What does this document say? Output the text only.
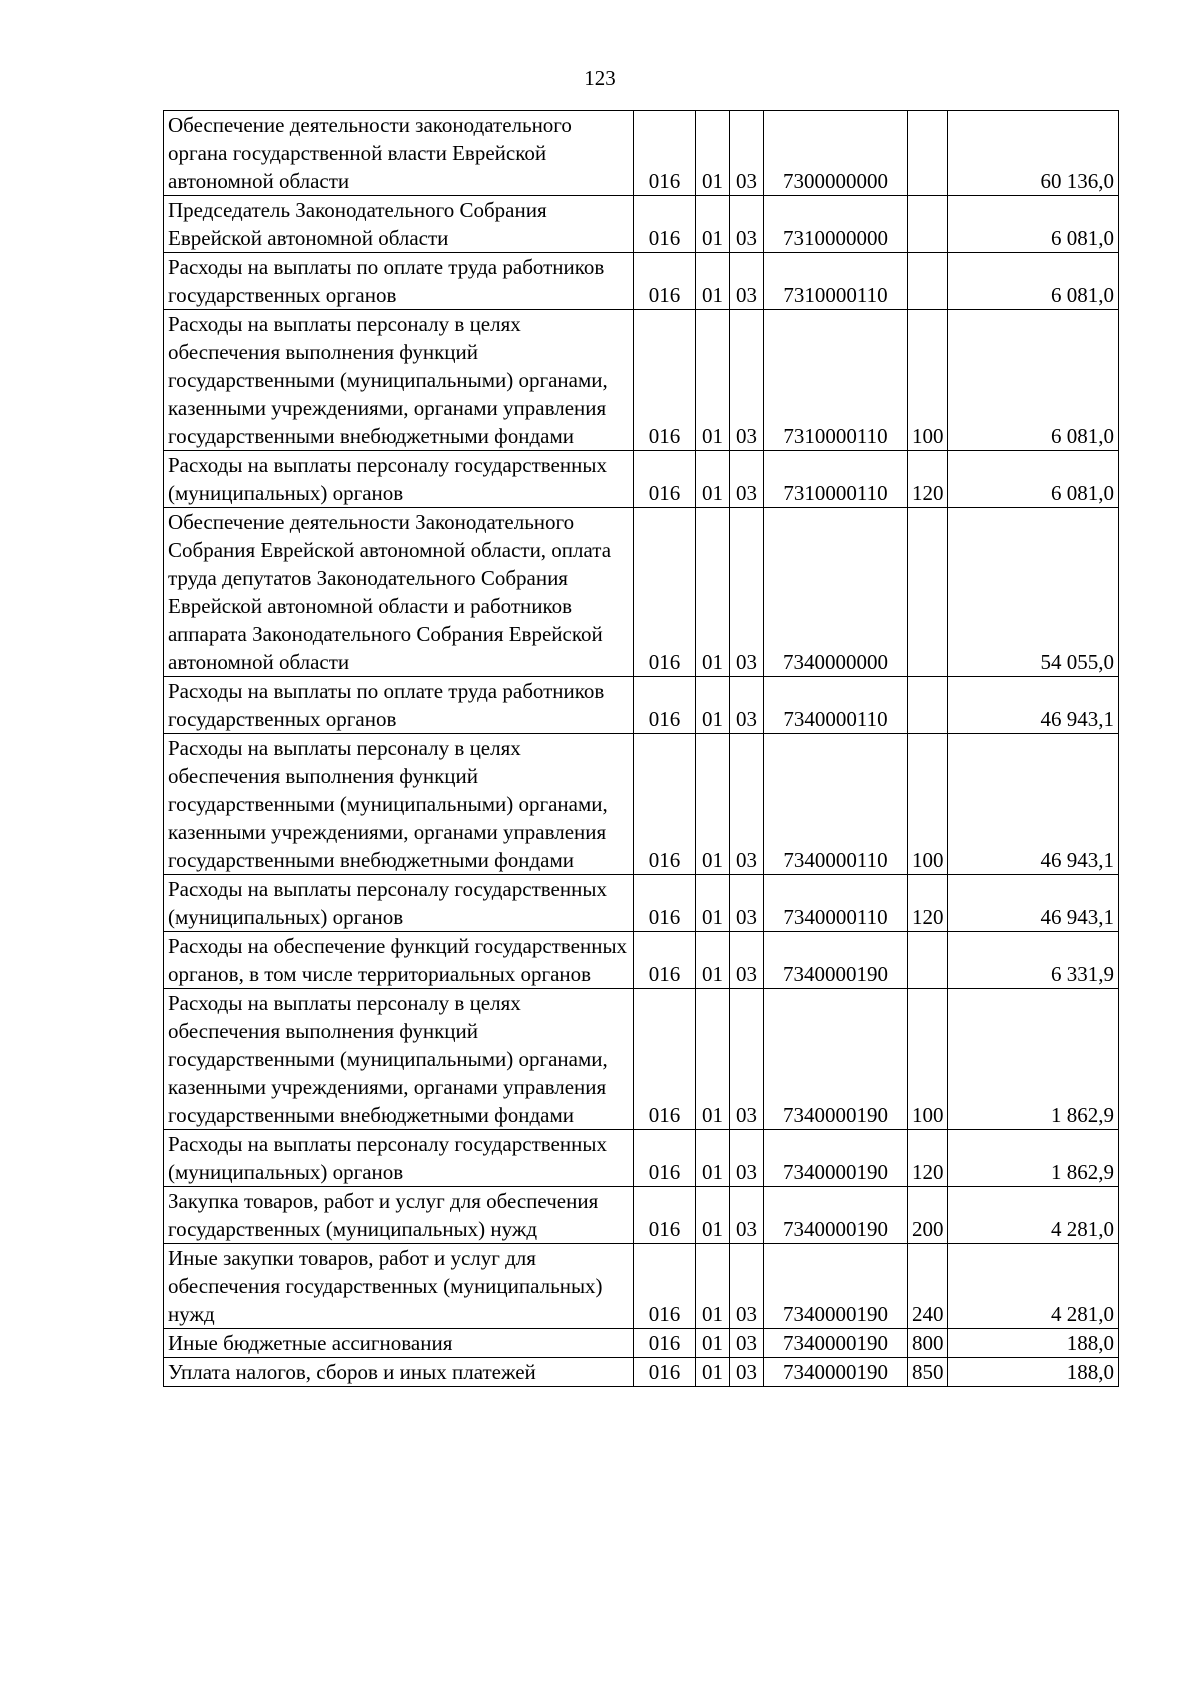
123
Обеспечение деятельности законодательного органа государственной власти Еврейской автономной области	016	01	03	7300000000		60 136,0
Председатель Законодательного Собрания Еврейской автономной области	016	01	03	7310000000		6 081,0
Расходы на выплаты по оплате труда работников государственных органов	016	01	03	7310000110		6 081,0
Расходы на выплаты персоналу в целях обеспечения выполнения функций государственными (муниципальными) органами, казенными учреждениями, органами управления государственными внебюджетными фондами	016	01	03	7310000110	100	6 081,0
Расходы на выплаты персоналу государственных (муниципальных) органов	016	01	03	7310000110	120	6 081,0
Обеспечение деятельности Законодательного Собрания Еврейской автономной области, оплата труда депутатов Законодательного Собрания Еврейской автономной области и работников аппарата Законодательного Собрания Еврейской автономной области	016	01	03	7340000000		54 055,0
Расходы на выплаты по оплате труда работников государственных органов	016	01	03	7340000110		46 943,1
Расходы на выплаты персоналу в целях обеспечения выполнения функций государственными (муниципальными) органами, казенными учреждениями, органами управления государственными внебюджетными фондами	016	01	03	7340000110	100	46 943,1
Расходы на выплаты персоналу государственных (муниципальных) органов	016	01	03	7340000110	120	46 943,1
Расходы на обеспечение функций государственных органов, в том числе территориальных органов	016	01	03	7340000190		6 331,9
Расходы на выплаты персоналу в целях обеспечения выполнения функций государственными (муниципальными) органами, казенными учреждениями, органами управления государственными внебюджетными фондами	016	01	03	7340000190	100	1 862,9
Расходы на выплаты персоналу государственных (муниципальных) органов	016	01	03	7340000190	120	1 862,9
Закупка товаров, работ и услуг для обеспечения государственных (муниципальных) нужд	016	01	03	7340000190	200	4 281,0
Иные закупки товаров, работ и услуг для обеспечения государственных (муниципальных) нужд	016	01	03	7340000190	240	4 281,0
Иные бюджетные ассигнования	016	01	03	7340000190	800	188,0
Уплата налогов, сборов и иных платежей	016	01	03	7340000190	850	188,0
